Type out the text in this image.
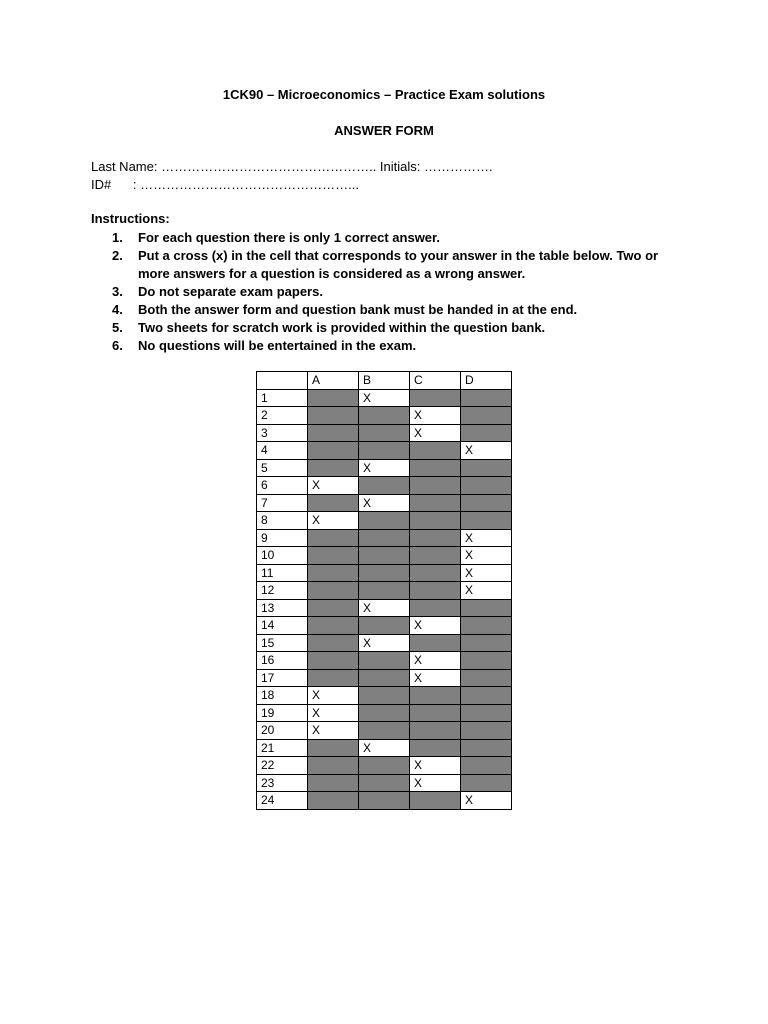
1CK90 – Microeconomics – Practice Exam solutions
ANSWER FORM
Last Name: ………………………………………….. Initials: …………….
ID#      : …………………………………………...
Instructions:
1.	For each question there is only 1 correct answer.
2.	Put a cross (x) in the cell that corresponds to your answer in the table below. Two or more answers for a question is considered as a wrong answer.
3.	Do not separate exam papers.
4.	Both the answer form and question bank must be handed in at the end.
5.	Two sheets for scratch work is provided within the question bank.
6.	No questions will be entertained in the exam.
	A	B	C	D
1		X		
2			X	
3			X	
4				X
5		X		
6	X			
7		X		
8	X			
9				X
10				X
11				X
12				X
13		X		
14			X	
15		X		
16			X	
17			X	
18	X			
19	X			
20	X			
21		X		
22			X	
23			X	
24				X
